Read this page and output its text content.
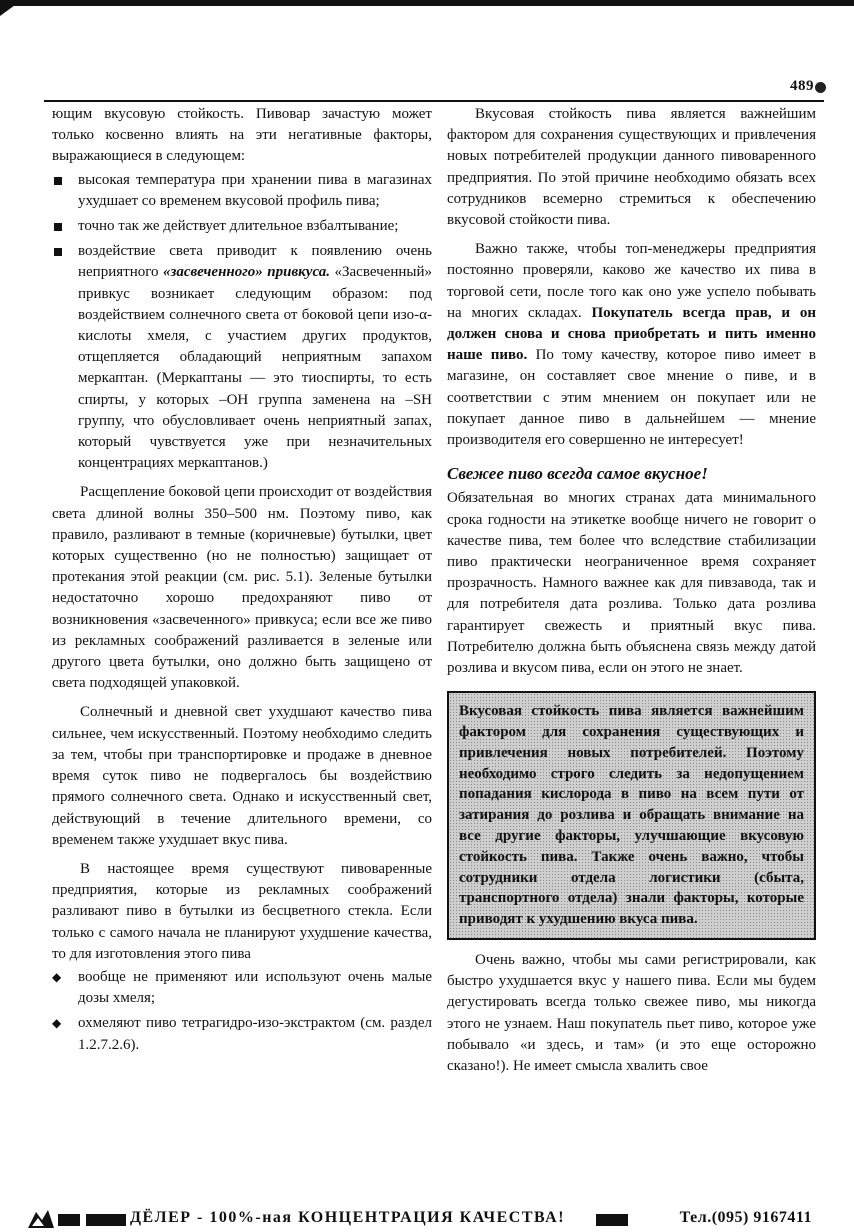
489

ющим вкусовую стойкость. Пивовар зачастую может только косвенно влиять на эти негативные факторы, выражающиеся в следующем:

высокая температура при хранении пива в магазинах ухудшает со временем вкусовой профиль пива;
точно так же действует длительное взбалтывание;
воздействие света приводит к появлению очень неприятного «засвеченного» привкуса. «Засвеченный» привкус возникает следующим образом: под воздействием солнечного света от боковой цепи изо-α-кислоты хмеля, с участием других продуктов, отщепляется обладающий неприятным запахом меркаптан. (Меркаптаны — это тиоспирты, то есть спирты, у которых –ОН группа заменена на –SH группу, что обусловливает очень неприятный запах, который чувствуется уже при незначительных концентрациях меркаптанов.)

Расщепление боковой цепи происходит от воздействия света длиной волны 350–500 нм. Поэтому пиво, как правило, разливают в темные (коричневые) бутылки, цвет которых существенно (но не полностью) защищает от протекания этой реакции (см. рис. 5.1). Зеленые бутылки недостаточно хорошо предохраняют пиво от возникновения «засвеченного» привкуса; если все же пиво из рекламных соображений разливается в зеленые или другого цвета бутылки, оно должно быть защищено от света подходящей упаковкой.

Солнечный и дневной свет ухудшают качество пива сильнее, чем искусственный. Поэтому необходимо следить за тем, чтобы при транспортировке и продаже в дневное время суток пиво не подвергалось бы воздействию прямого солнечного света. Однако и искусственный свет, действующий в течение длительного времени, со временем также ухудшает вкус пива.

В настоящее время существуют пивоваренные предприятия, которые из рекламных соображений разливают пиво в бутылки из бесцветного стекла. Если только с самого начала не планируют ухудшение качества, то для изготовления этого пива

◆ вообще не применяют или используют очень малые дозы хмеля;
◆ охмеляют пиво тетрагидро-изо-экстрактом (см. раздел 1.2.7.2.6).

Вкусовая стойкость пива является важнейшим фактором для сохранения существующих и привлечения новых потребителей продукции данного пивоваренного предприятия. По этой причине необходимо обязать всех сотрудников всемерно стремиться к обеспечению вкусовой стойкости пива.

Важно также, чтобы топ-менеджеры предприятия постоянно проверяли, каково же качество их пива в торговой сети, после того как оно уже успело побывать на многих складах. Покупатель всегда прав, и он должен снова и снова приобретать и пить именно наше пиво. По тому качеству, которое пиво имеет в магазине, он составляет свое мнение о пиве, и в соответствии с этим мнением он покупает или не покупает данное пиво в дальнейшем — мнение производителя его совершенно не интересует!

Свежее пиво всегда самое вкусное!

Обязательная во многих странах дата минимального срока годности на этикетке вообще ничего не говорит о качестве пива, тем более что вследствие стабилизации пиво практически неограниченное время сохраняет прозрачность. Намного важнее как для пивзавода, так и для потребителя дата розлива. Только дата розлива гарантирует свежесть и приятный вкус пива. Потребителю должна быть объяснена связь между датой розлива и вкусом пива, если он этого не знает.

Вкусовая стойкость пива является важнейшим фактором для сохранения существующих и привлечения новых потребителей. Поэтому необходимо строго следить за недопущением попадания кислорода в пиво на всем пути от затирания до розлива и обращать внимание на все другие факторы, улучшающие вкусовую стойкость пива. Также очень важно, чтобы сотрудники отдела логистики (сбыта, транспортного отдела) знали факторы, которые приводят к ухудшению вкуса пива.

Очень важно, чтобы мы сами регистрировали, как быстро ухудшается вкус у нашего пива. Если мы будем дегустировать всегда только свежее пиво, мы никогда этого не узнаем. Наш покупатель пьет пиво, которое уже побывало «и здесь, и там» (и это еще осторожно сказано!). Не имеет смысла хвалить свое

ДЁЛЕР - 100%-ная КОНЦЕНТРАЦИЯ КАЧЕСТВА!	Тел.(095) 9167411
